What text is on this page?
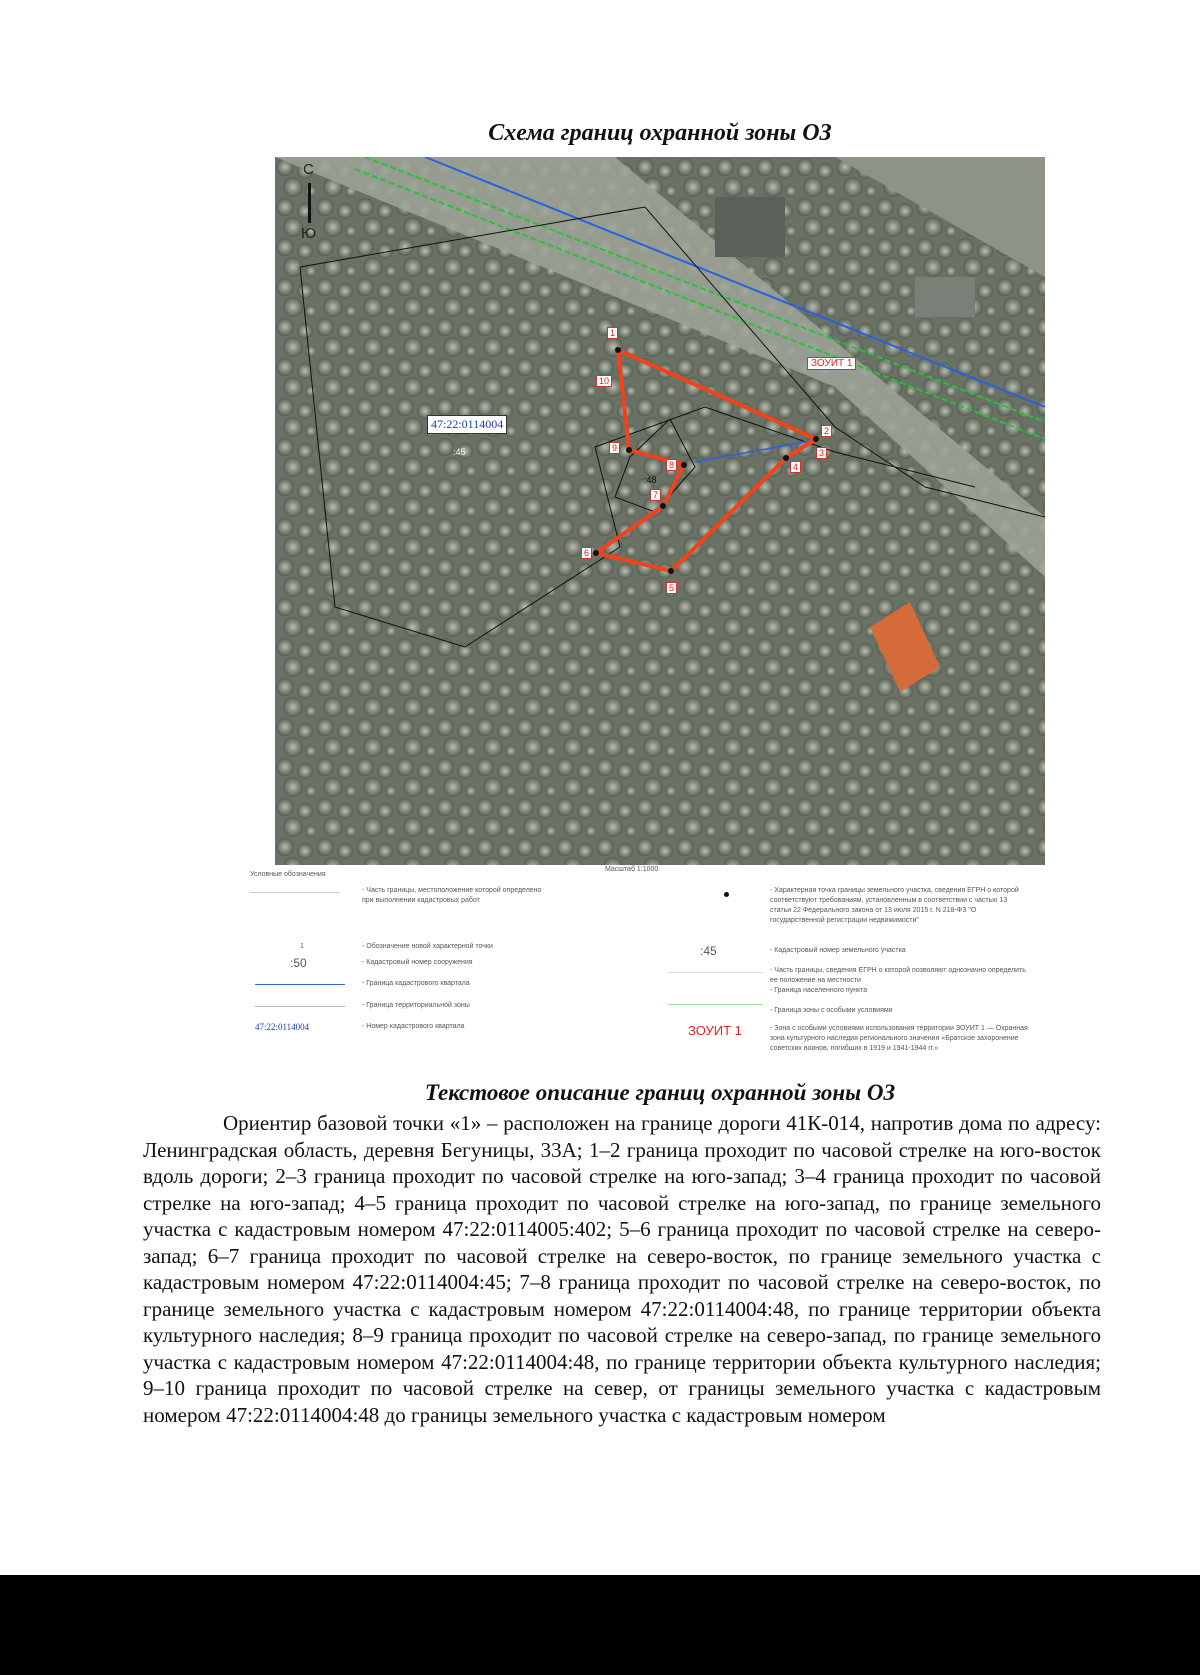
Схема границ охранной зоны ОЗ
С
Ю
47:22:0114004
:45
:48
ЗОУИТ 1
1
2
3
4
5
6
7
8
9
10
Масштаб 1:1000
Условные обозначения
- Часть границы, местоположение которой определено при выполнении кадастровых работ
1	- Обозначение новой характерной точки
:50	- Кадастровый номер сооружения
- Граница кадастрового квартала
- Граница территориальной зоны
47:22:0114004	- Номер кадастрового квартала
- Характерная точка границы земельного участка, сведения ЕГРН о которой соответствуют требованиям, установленным в соответствии с частью 13 статьи 22 Федерального закона от 13 июля 2015 г. N 218-ФЗ "О государственной регистрации недвижимости"
:45	- Кадастровый номер земельного участка
- Часть границы, сведения ЕГРН о которой позволяют однозначно определить ее положение на местности
- Граница населенного пункта
- Граница зоны с особыми условиями
ЗОУИТ 1	- Зона с особыми условиями использования территории ЗОУИТ 1 — Охранная зона культурного наследия регионального значения «Братское захоронение советских воинов, погибших в 1919 и 1941-1944 гг.»
Текстовое описание границ охранной зоны ОЗ
Ориентир базовой точки «1» – расположен на границе дороги 41К-014, напротив дома по адресу: Ленинградская область, деревня Бегуницы, 33А; 1–2 граница проходит по часовой стрелке на юго-восток вдоль дороги; 2–3 граница проходит по часовой стрелке на юго-запад; 3–4 граница проходит по часовой стрелке на юго-запад; 4–5 граница проходит по часовой стрелке на юго-запад, по границе земельного участка с кадастровым номером 47:22:0114005:402; 5–6 граница проходит по часовой стрелке на северо-запад; 6–7 граница проходит по часовой стрелке на северо-восток, по границе земельного участка с кадастровым номером 47:22:0114004:45; 7–8 граница проходит по часовой стрелке на северо-восток, по границе земельного участка с кадастровым номером 47:22:0114004:48, по границе территории объекта культурного наследия; 8–9 граница проходит по часовой стрелке на северо-запад, по границе земельного участка с кадастровым номером 47:22:0114004:48, по границе территории объекта культурного наследия; 9–10 граница проходит по часовой стрелке на север, от границы земельного участка с кадастровым номером 47:22:0114004:48 до границы земельного участка с кадастровым номером
